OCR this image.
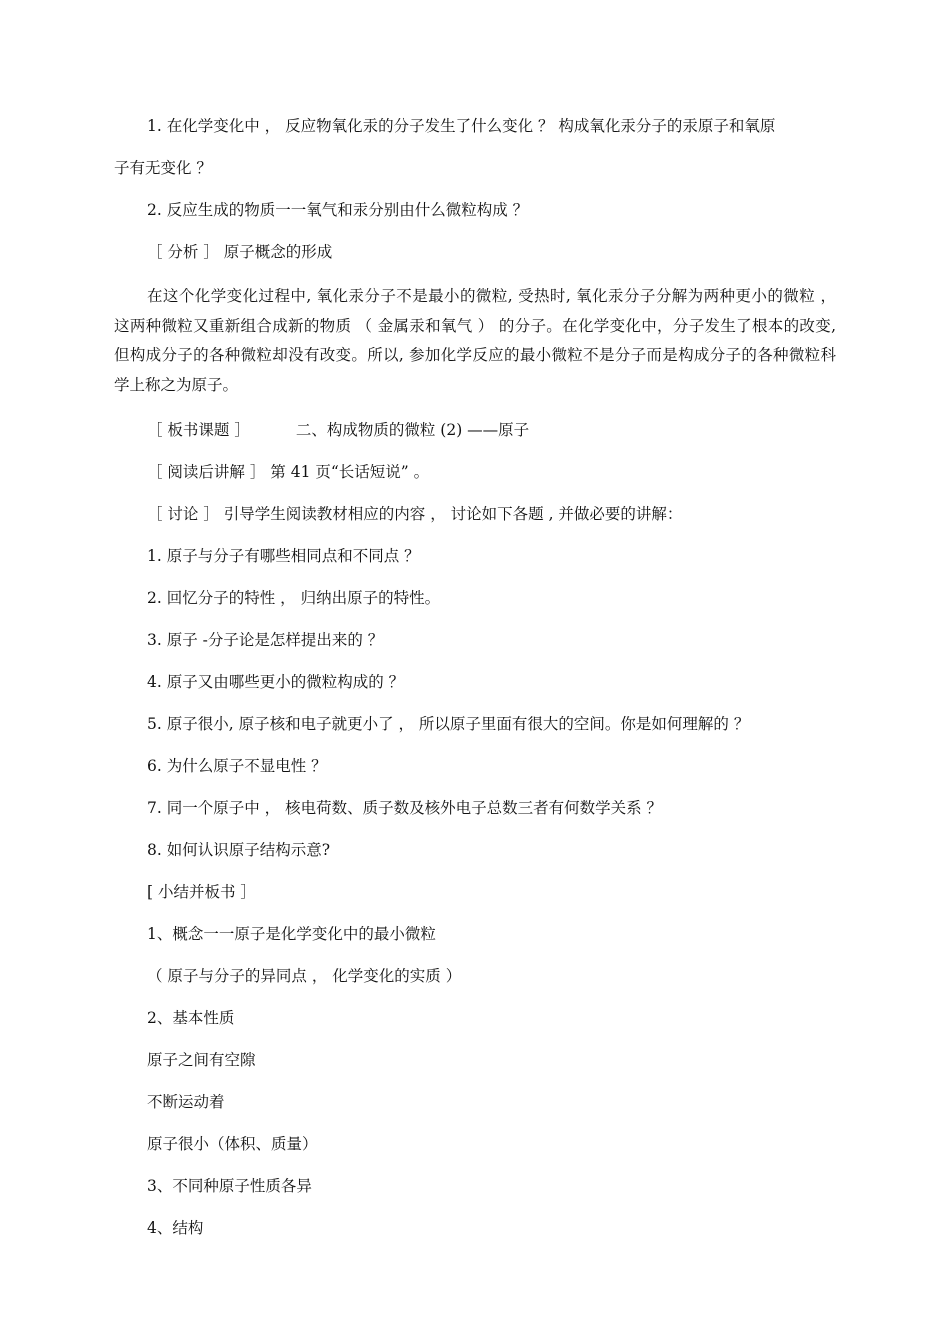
1. 在化学变化中 ， 反应物氧化汞的分子发生了什么变化 ？ 构成氧化汞分子的汞原子和氧原
子有无变化 ？
2. 反应生成的物质一一氧气和汞分别由什么微粒构成 ？
［ 分析 ］ 原子概念的形成
在这个化学变化过程中, 氧化汞分子不是最小的微粒, 受热时, 氧化汞分子分解为两种更小的微粒 ， 这两种微粒又重新组合成新的物质 （ 金属汞和氧气 ） 的分子。在化学变化中，分子发生了根本的改变, 但构成分子的各种微粒却没有改变。所以, 参加化学反应的最小微粒不是分子而是构成分子的各种微粒科学上称之为原子。
［ 板书课题 ］	二、构成物质的微粒 (2) ——原子
［ 阅读后讲解 ］ 第 41 页“长话短说” 。
［ 讨论 ］ 引导学生阅读教材相应的内容 ， 讨论如下各题 , 并做必要的讲解：
1. 原子与分子有哪些相同点和不同点 ？
2. 回忆分子的特性 ， 归纳出原子的特性。
3. 原子 -分子论是怎样提出来的 ？
4. 原子又由哪些更小的微粒构成的 ？
5. 原子很小, 原子核和电子就更小了 ， 所以原子里面有很大的空间。你是如何理解的 ？
6. 为什么原子不显电性 ？
7. 同一个原子中 ， 核电荷数、质子数及核外电子总数三者有何数学关系 ？
8. 如何认识原子结构示意?
[ 小结并板书 ］
1、概念一一原子是化学变化中的最小微粒
（ 原子与分子的异同点 ， 化学变化的实质 ）
2、基本性质
原子之间有空隙
不断运动着
原子很小（体积、质量）
3、不同种原子性质各异
4、结构
